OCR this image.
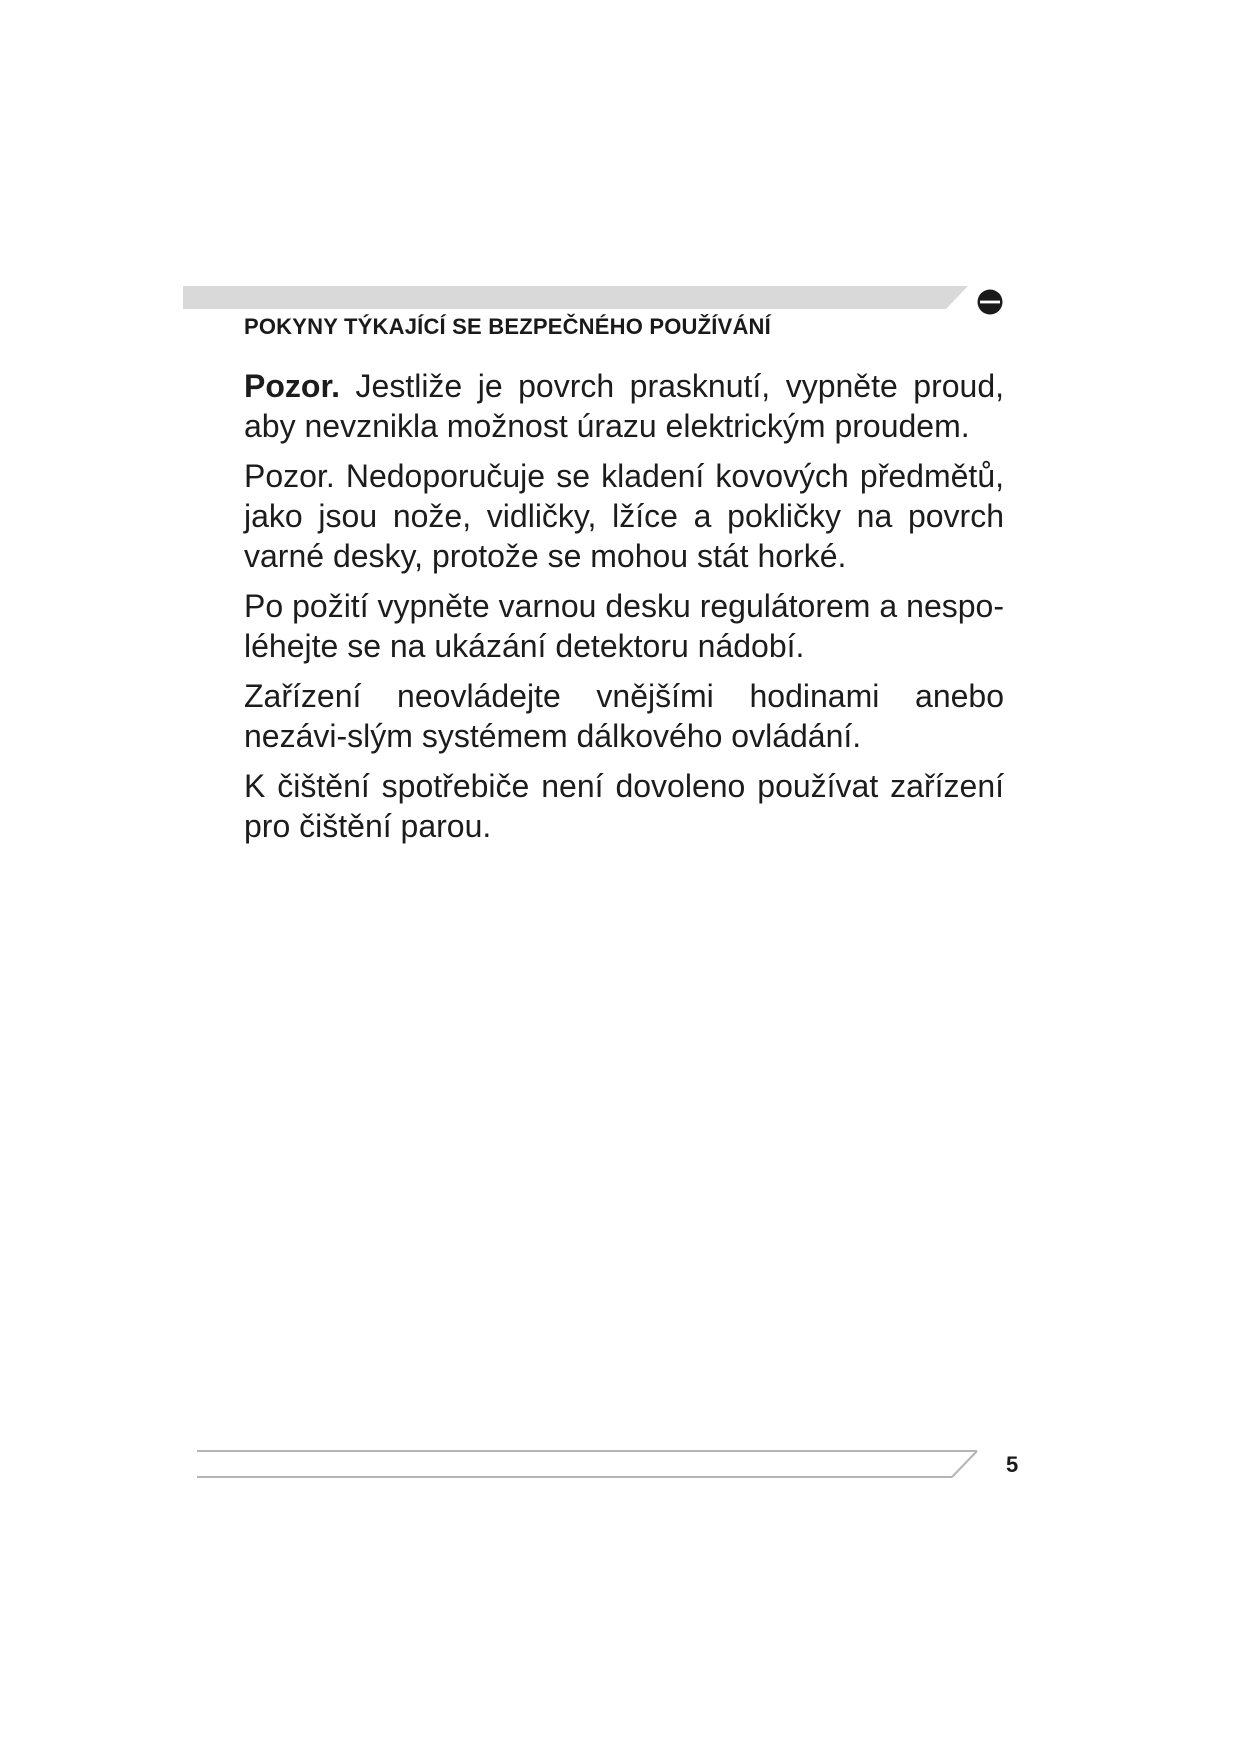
POKYNY TÝKAJÍCÍ SE BEZPEČNÉHO POUŽÍVÁNÍ

Pozor. Jestliže je povrch prasknutí, vypněte proud, aby nevznikla možnost úrazu elektrickým proudem.

Pozor. Nedoporučuje se kladení kovových předmětů, jako jsou nože, vidličky, lžíce a pokličky na povrch varné desky, protože se mohou stát horké.

Po požití vypněte varnou desku regulátorem a nespo-léhejte se na ukázání detektoru nádobí.

Zařízení neovládejte vnějšími hodinami anebo nezávi-slým systémem dálkového ovládání.

K čištění spotřebiče není dovoleno používat zařízení pro čištění parou.

5
